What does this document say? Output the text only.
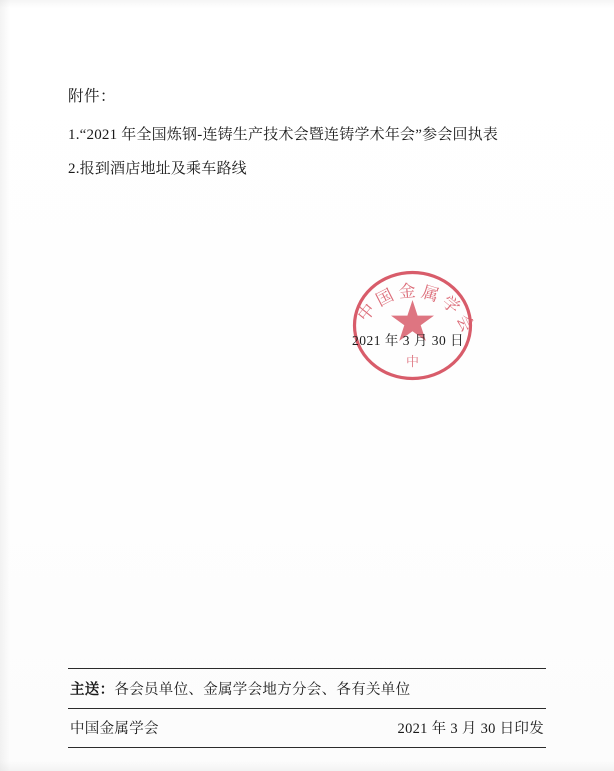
附件：
1.“2021 年全国炼钢-连铸生产技术会暨连铸学术年会”参会回执表
2.报到酒店地址及乘车路线
中 国 金 属 学 会
中
2021 年 3 月 30 日
主送：各会员单位、金属学会地方分会、各有关单位
中国金属学会	2021 年 3 月 30 日印发
